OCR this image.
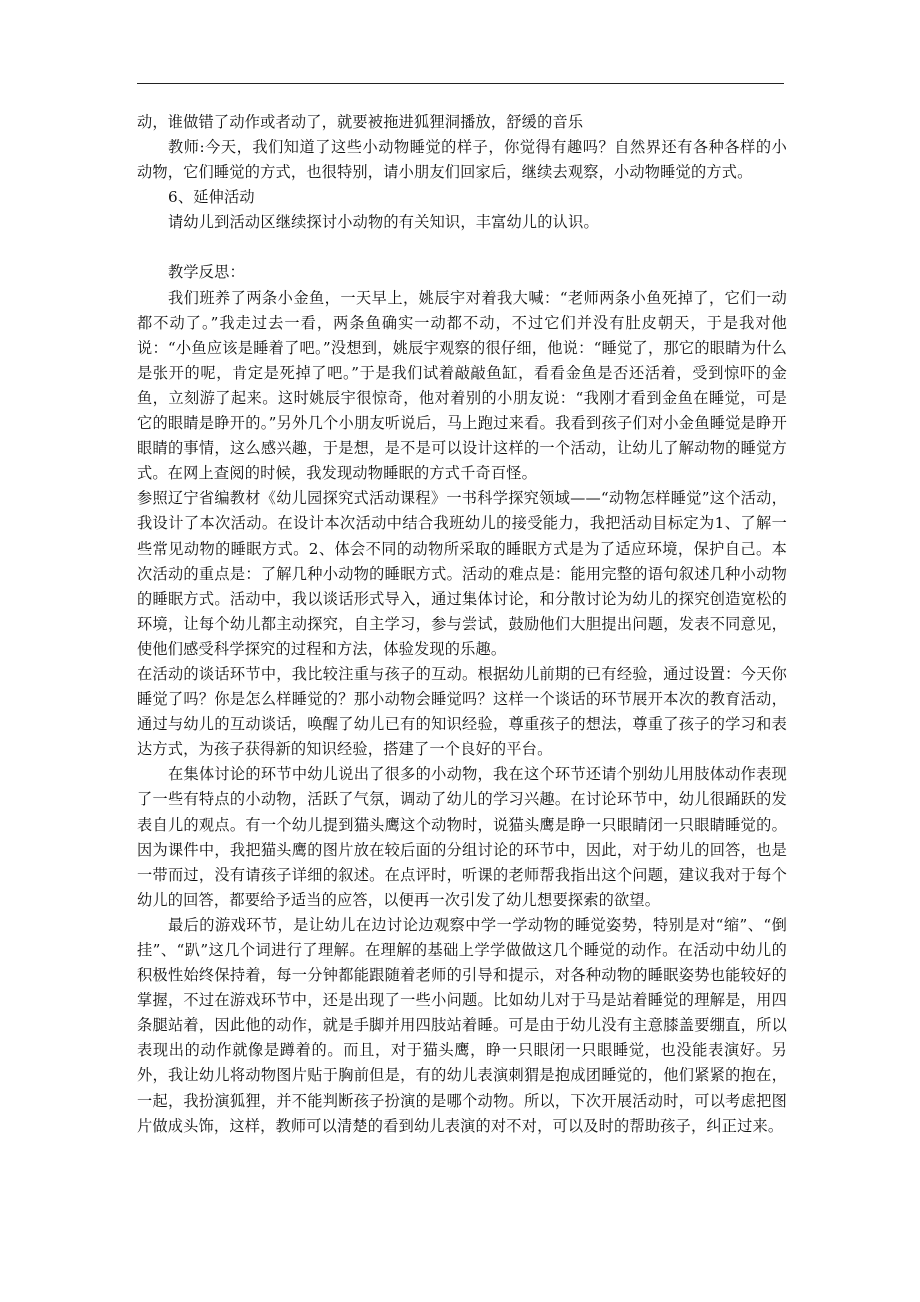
动，谁做错了动作或者动了，就要被拖进狐狸洞播放，舒缓的音乐

教师:今天，我们知道了这些小动物睡觉的样子，你觉得有趣吗？自然界还有各种各样的小动物，它们睡觉的方式，也很特别，请小朋友们回家后，继续去观察，小动物睡觉的方式。

6、延伸活动

请幼儿到活动区继续探讨小动物的有关知识，丰富幼儿的认识。

教学反思：

我们班养了两条小金鱼，一天早上，姚辰宇对着我大喊：“老师两条小鱼死掉了，它们一动都不动了。”我走过去一看，两条鱼确实一动都不动，不过它们并没有肚皮朝天，于是我对他说：“小鱼应该是睡着了吧。”没想到，姚辰宇观察的很仔细，他说：“睡觉了，那它的眼睛为什么是张开的呢，肯定是死掉了吧。”于是我们试着敲敲鱼缸，看看金鱼是否还活着，受到惊吓的金鱼，立刻游了起来。这时姚辰宇很惊奇，他对着别的小朋友说：“我刚才看到金鱼在睡觉，可是它的眼睛是睁开的。”另外几个小朋友听说后，马上跑过来看。我看到孩子们对小金鱼睡觉是睁开眼睛的事情，这么感兴趣，于是想，是不是可以设计这样的一个活动，让幼儿了解动物的睡觉方式。在网上查阅的时候，我发现动物睡眠的方式千奇百怪。

参照辽宁省编教材《幼儿园探究式活动课程》一书科学探究领域——“动物怎样睡觉”这个活动，我设计了本次活动。在设计本次活动中结合我班幼儿的接受能力，我把活动目标定为1、了解一些常见动物的睡眠方式。2、体会不同的动物所采取的睡眠方式是为了适应环境，保护自己。本次活动的重点是：了解几种小动物的睡眠方式。活动的难点是：能用完整的语句叙述几种小动物的睡眠方式。活动中，我以谈话形式导入，通过集体讨论，和分散讨论为幼儿的探究创造宽松的环境，让每个幼儿都主动探究，自主学习，参与尝试，鼓励他们大胆提出问题，发表不同意见，使他们感受科学探究的过程和方法，体验发现的乐趣。

在活动的谈话环节中，我比较注重与孩子的互动。根据幼儿前期的已有经验，通过设置：今天你睡觉了吗？你是怎么样睡觉的？那小动物会睡觉吗？这样一个谈话的环节展开本次的教育活动，通过与幼儿的互动谈话，唤醒了幼儿已有的知识经验，尊重孩子的想法，尊重了孩子的学习和表达方式，为孩子获得新的知识经验，搭建了一个良好的平台。

在集体讨论的环节中幼儿说出了很多的小动物，我在这个环节还请个别幼儿用肢体动作表现了一些有特点的小动物，活跃了气氛，调动了幼儿的学习兴趣。在讨论环节中，幼儿很踊跃的发表自儿的观点。有一个幼儿提到猫头鹰这个动物时，说猫头鹰是睁一只眼睛闭一只眼睛睡觉的。因为课件中，我把猫头鹰的图片放在较后面的分组讨论的环节中，因此，对于幼儿的回答，也是一带而过，没有请孩子详细的叙述。在点评时，听课的老师帮我指出这个问题，建议我对于每个幼儿的回答，都要给予适当的应答，以便再一次引发了幼儿想要探索的欲望。

最后的游戏环节，是让幼儿在边讨论边观察中学一学动物的睡觉姿势，特别是对“缩”、“倒挂”、“趴”这几个词进行了理解。在理解的基础上学学做做这几个睡觉的动作。在活动中幼儿的积极性始终保持着，每一分钟都能跟随着老师的引导和提示，对各种动物的睡眠姿势也能较好的掌握，不过在游戏环节中，还是出现了一些小问题。比如幼儿对于马是站着睡觉的理解是，用四条腿站着，因此他的动作，就是手脚并用四肢站着睡。可是由于幼儿没有主意膝盖要绷直，所以表现出的动作就像是蹲着的。而且，对于猫头鹰，睁一只眼闭一只眼睡觉，也没能表演好。另外，我让幼儿将动物图片贴于胸前但是，有的幼儿表演刺猬是抱成团睡觉的，他们紧紧的抱在，一起，我扮演狐狸，并不能判断孩子扮演的是哪个动物。所以，下次开展活动时，可以考虑把图片做成头饰，这样，教师可以清楚的看到幼儿表演的对不对，可以及时的帮助孩子，纠正过来。
